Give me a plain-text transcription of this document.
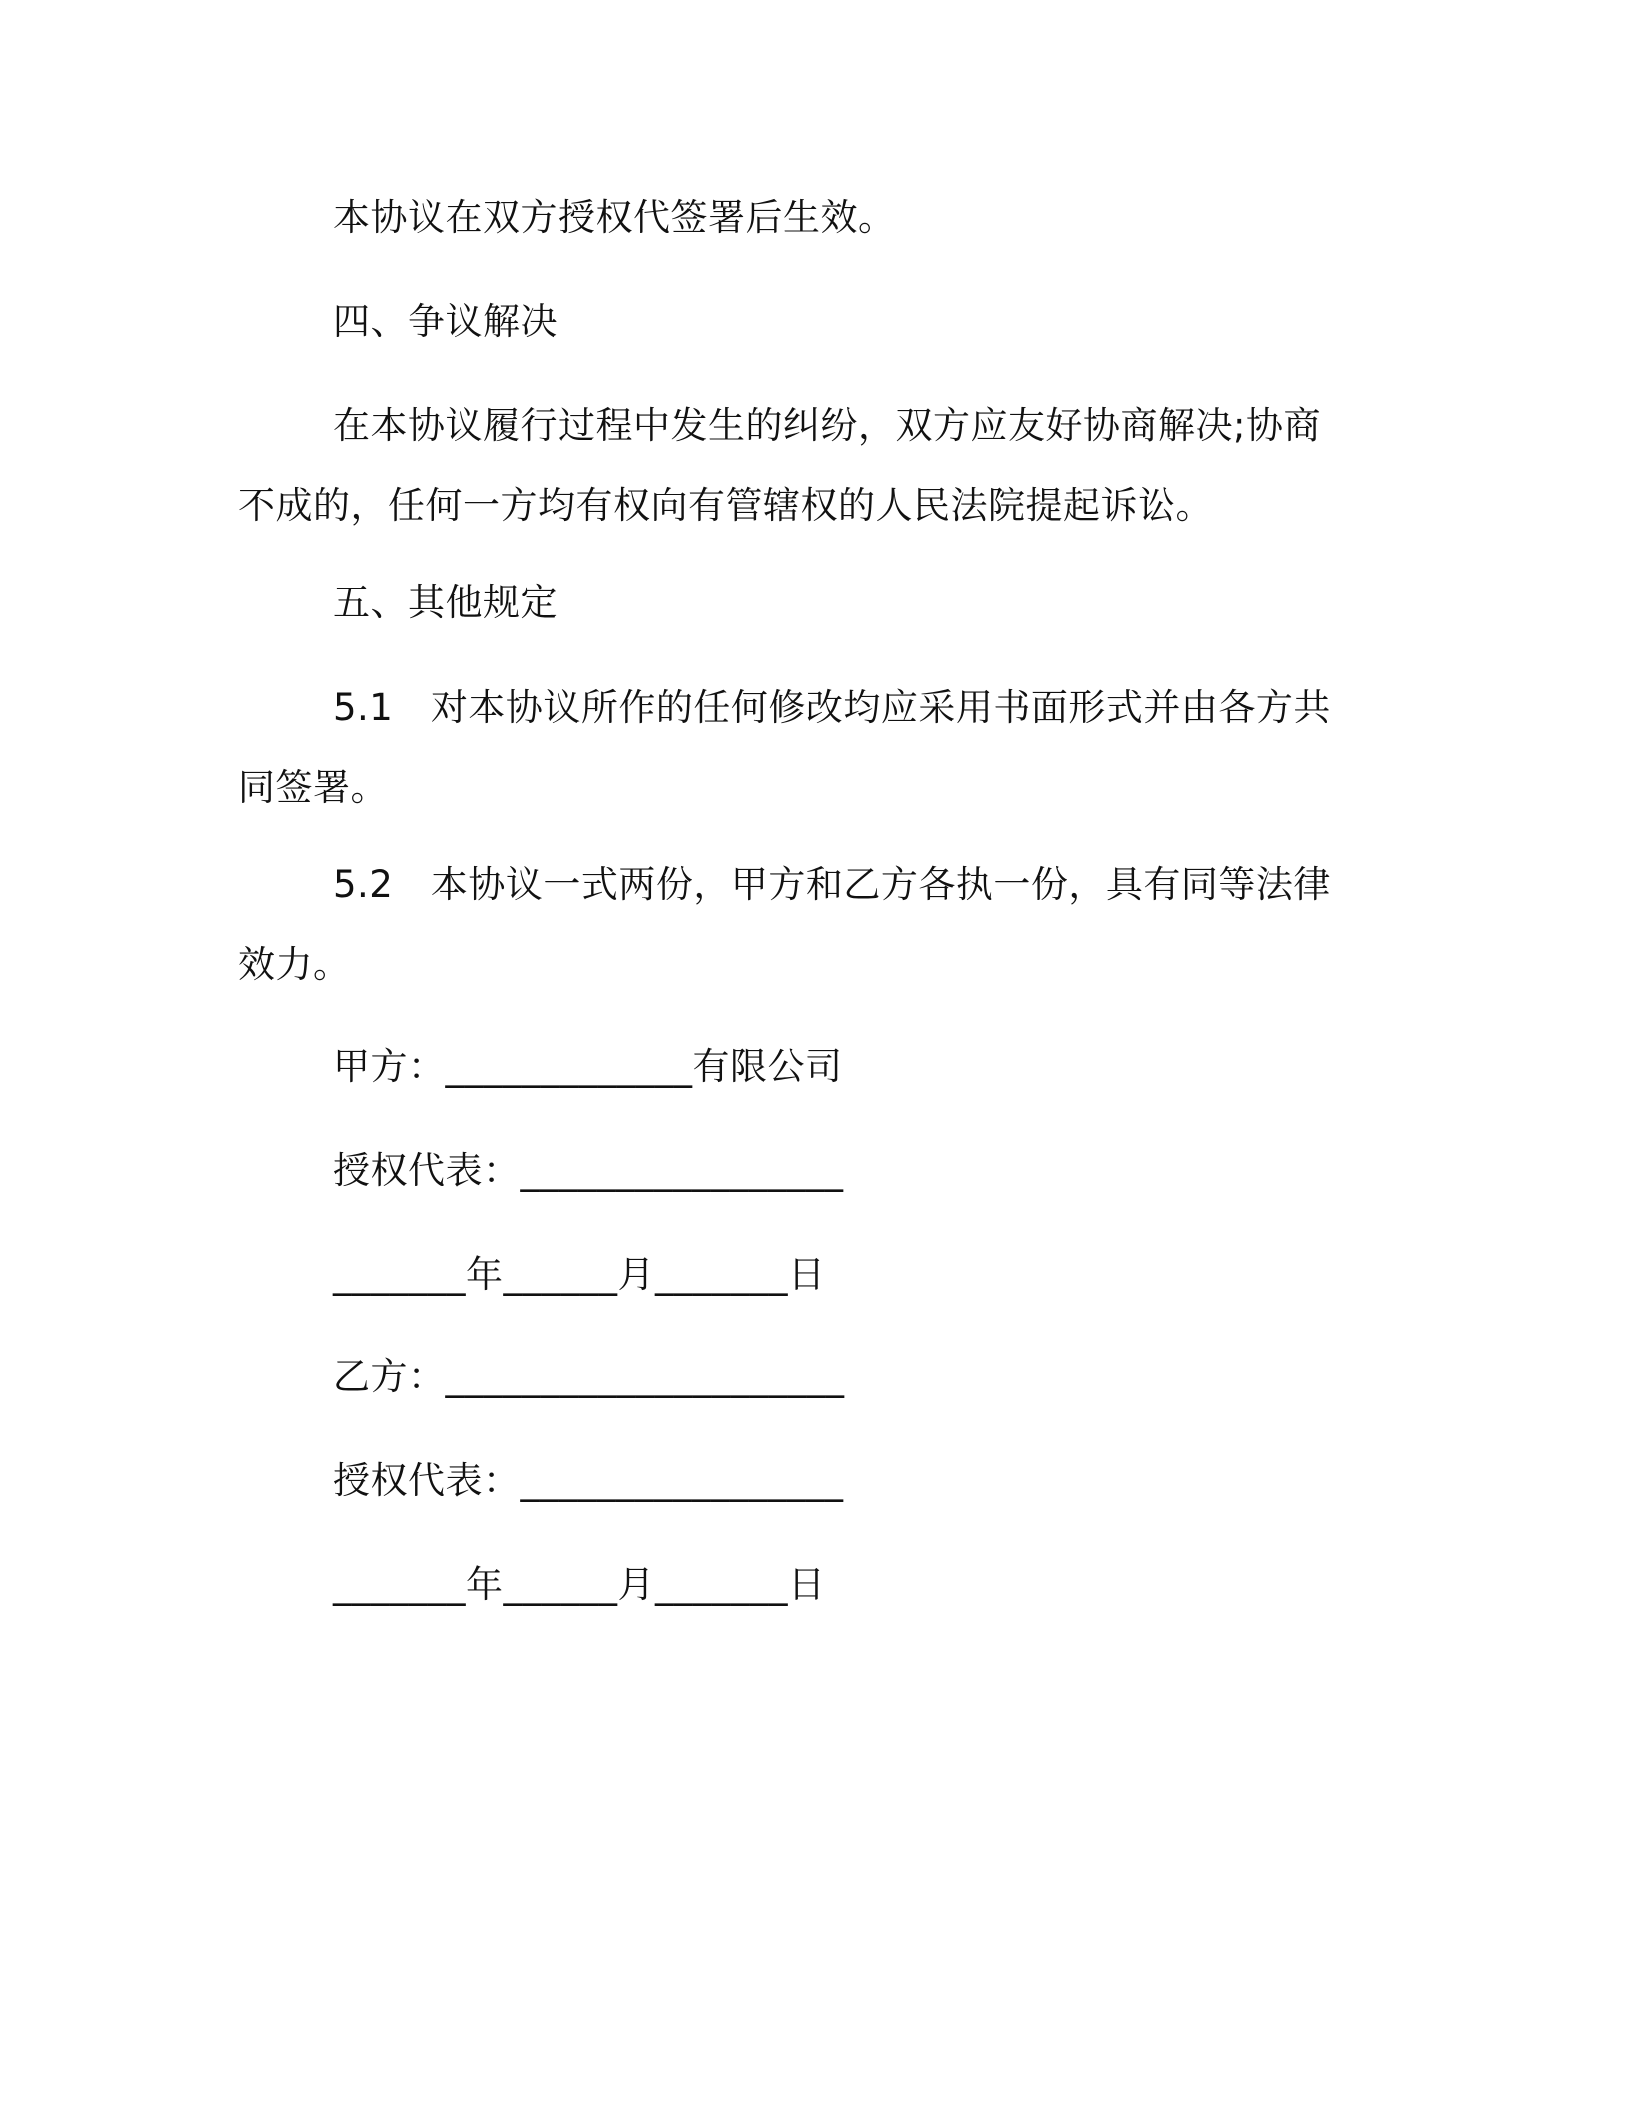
本协议在双方授权代签署后生效。

四、争议解决

在本协议履行过程中发生的纠纷，双方应友好协商解决;协商不成的，任何一方均有权向有管辖权的人民法院提起诉讼。

五、其他规定

5.1　对本协议所作的任何修改均应采用书面形式并由各方共同签署。

5.2　本协议一式两份，甲方和乙方各执一份，具有同等法律效力。

甲方：_____________有限公司

授权代表：_________________

_______年______月_______日

乙方：_____________________

授权代表：_________________

_______年______月_______日
